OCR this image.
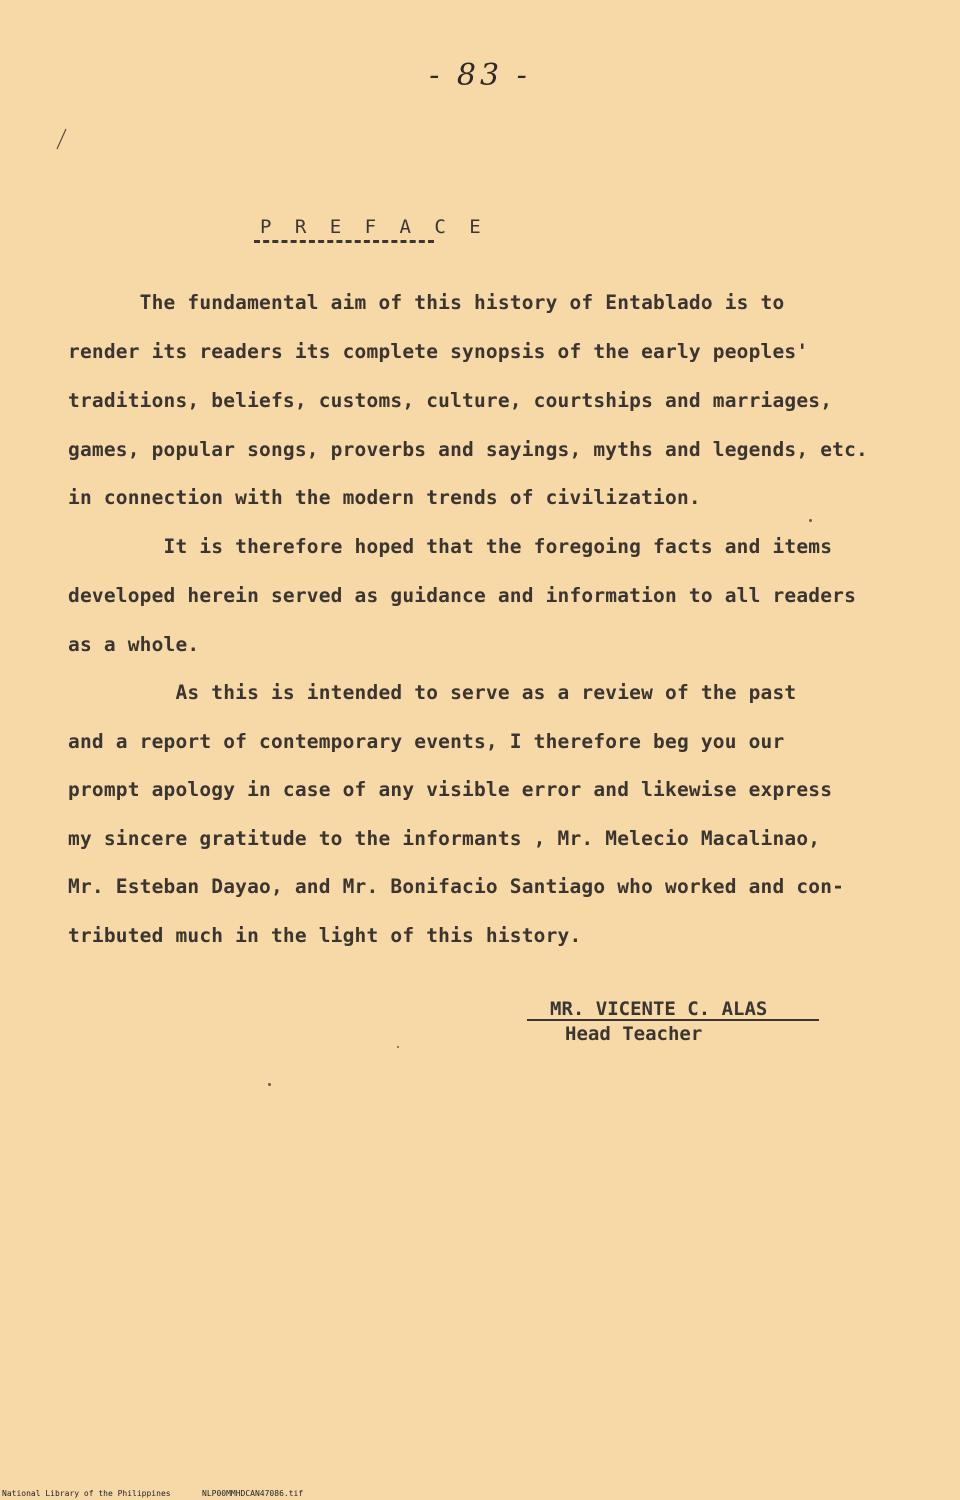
- 83 -
P R E F A C E
The fundamental aim of this history of Entablado is to
render its readers its complete synopsis of the early peoples'
traditions, beliefs, customs, culture, courtships and marriages,
games, popular songs, proverbs and sayings, myths and legends, etc.
in connection with the modern trends of civilization.
It is therefore hoped that the foregoing facts and items
developed herein served as guidance and information to all readers
as a whole.
As this is intended to serve as a review of the past
and a report of contemporary events, I therefore beg you our
prompt apology in case of any visible error and likewise express
my sincere gratitude to the informants , Mr. Melecio Macalinao,
Mr. Esteban Dayao, and Mr. Bonifacio Santiago who worked and con-
tributed much in the light of this history.
MR. VICENTE C. ALAS
Head Teacher
National Library of the Philippines	NLP00MMHDCAN47086.tif
